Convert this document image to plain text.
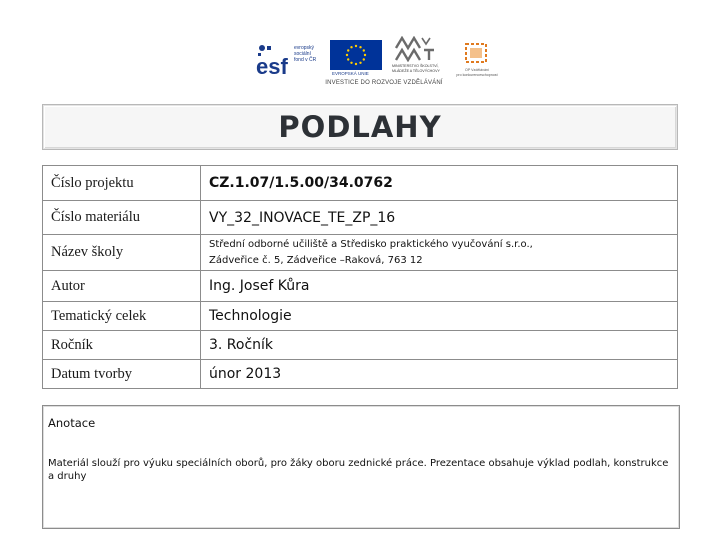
esf
evropský
sociální
fond v ČR
EVROPSKÁ UNIE
MINISTERSTVO ŠKOLSTVÍ,
MLÁDEŽE A TĚLOVÝCHOVY	OP Vzdělávání
pro konkurenceschopnost
INVESTICE DO ROZVOJE VZDĚLÁVÁNÍ
PODLAHY
Číslo projektu	CZ.1.07/1.5.00/34.0762
Číslo materiálu	VY_32_INOVACE_TE_ZP_16
Název školy	Střední odborné učiliště a Středisko praktického vyučování s.r.o.,
Zádveřice č. 5, Zádveřice –Raková, 763 12

Autor	Ing. Josef Kůra
Tematický celek	Technologie
Ročník	3. Ročník
Datum tvorby	únor 2013
Anotace
Materiál slouží pro výuku speciálních oborů, pro žáky oboru zednické práce. Prezentace obsahuje výklad podlah, konstrukce a druhy
